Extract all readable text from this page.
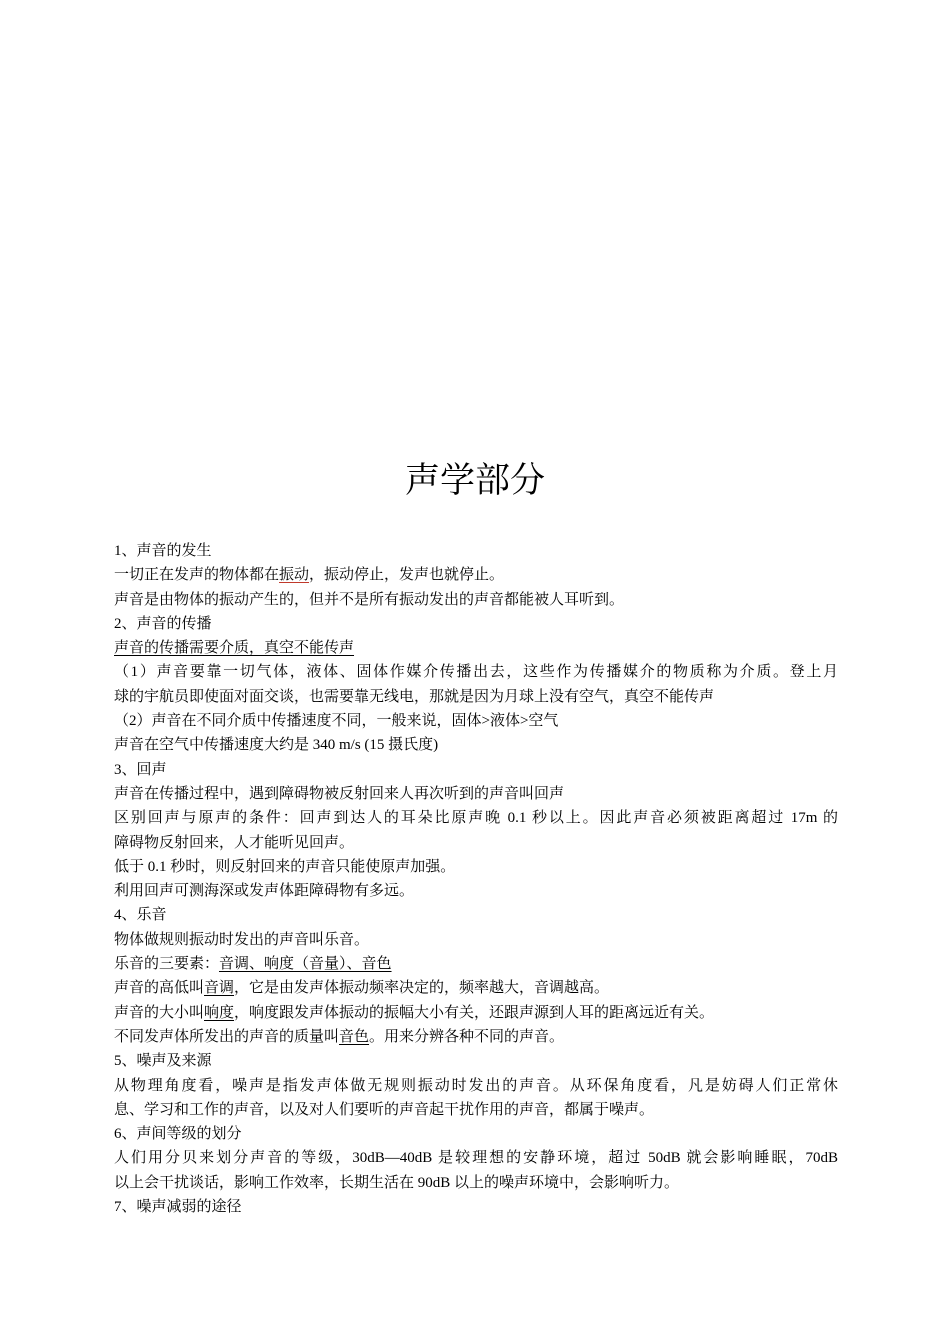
声学部分
1、声音的发生
一切正在发声的物体都在振动，振动停止，发声也就停止。
声音是由物体的振动产生的，但并不是所有振动发出的声音都能被人耳听到。
2、声音的传播
声音的传播需要介质，真空不能传声
（1）声音要靠一切气体，液体、固体作媒介传播出去，这些作为传播媒介的物质称为介质。登上月
球的宇航员即使面对面交谈，也需要靠无线电，那就是因为月球上没有空气，真空不能传声
（2）声音在不同介质中传播速度不同，一般来说，固体>液体>空气
声音在空气中传播速度大约是 340 m/s (15 摄氏度)
3、回声
声音在传播过程中，遇到障碍物被反射回来人再次听到的声音叫回声
区别回声与原声的条件：回声到达人的耳朵比原声晚 0.1 秒以上。因此声音必须被距离超过 17m 的
障碍物反射回来，人才能听见回声。
低于 0.1 秒时，则反射回来的声音只能使原声加强。
利用回声可测海深或发声体距障碍物有多远。
4、乐音
物体做规则振动时发出的声音叫乐音。
乐音的三要素：音调、响度（音量）、音色
声音的高低叫音调，它是由发声体振动频率决定的，频率越大，音调越高。
声音的大小叫响度，响度跟发声体振动的振幅大小有关，还跟声源到人耳的距离远近有关。
不同发声体所发出的声音的质量叫音色。用来分辨各种不同的声音。
5、噪声及来源
从物理角度看，噪声是指发声体做无规则振动时发出的声音。从环保角度看，凡是妨碍人们正常休
息、学习和工作的声音，以及对人们要听的声音起干扰作用的声音，都属于噪声。
6、声间等级的划分
人们用分贝来划分声音的等级，30dB—40dB 是较理想的安静环境，超过 50dB 就会影响睡眠，70dB
以上会干扰谈话，影响工作效率，长期生活在 90dB 以上的噪声环境中，会影响听力。
7、噪声减弱的途径
